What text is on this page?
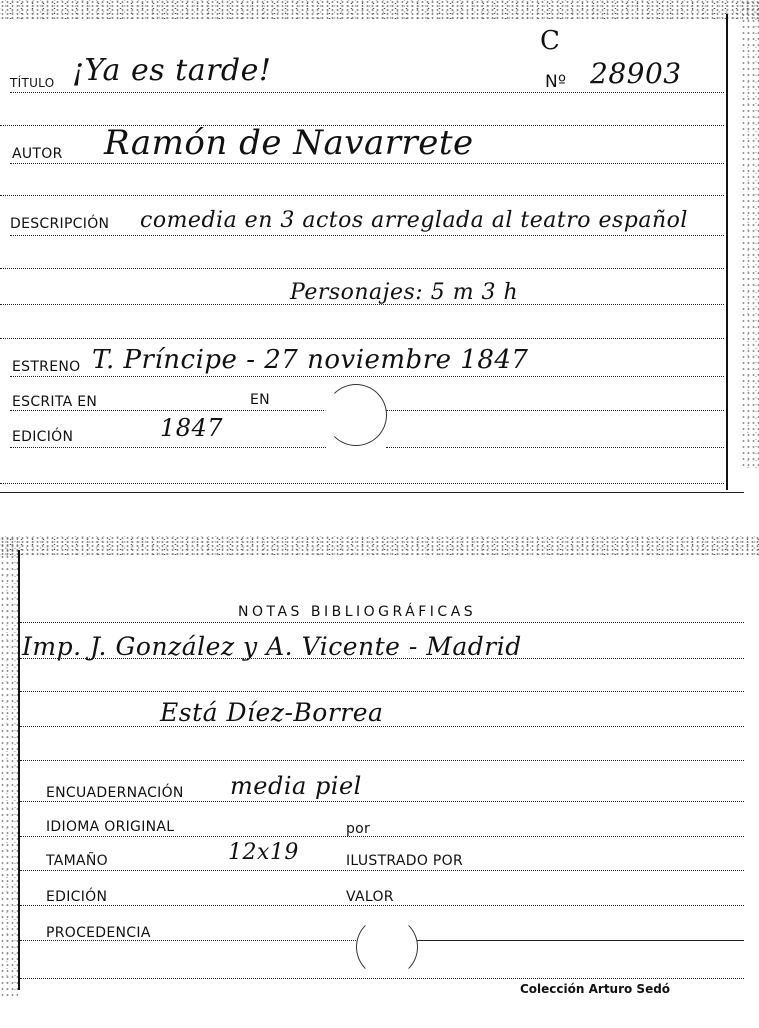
TÍTULO ¡Ya es tarde!
C
Nº 28903
AUTOR Ramón de Navarrete
DESCRIPCIÓN comedia en 3 actos arreglada al teatro español
Personajes: 5 m 3 h
ESTRENO T. Príncipe - 27 noviembre 1847
ESCRITA EN	EN
EDICIÓN	1847
NOTAS BIBLIOGRÁFICAS
Imp. J. González y A. Vicente - Madrid
Está Díez-Borrea
ENCUADERNACIÓN media piel
IDIOMA ORIGINAL	por
TAMAÑO	12x19	ILUSTRADO POR
EDICIÓN	VALOR
PROCEDENCIA
Colección Arturo Sedó
